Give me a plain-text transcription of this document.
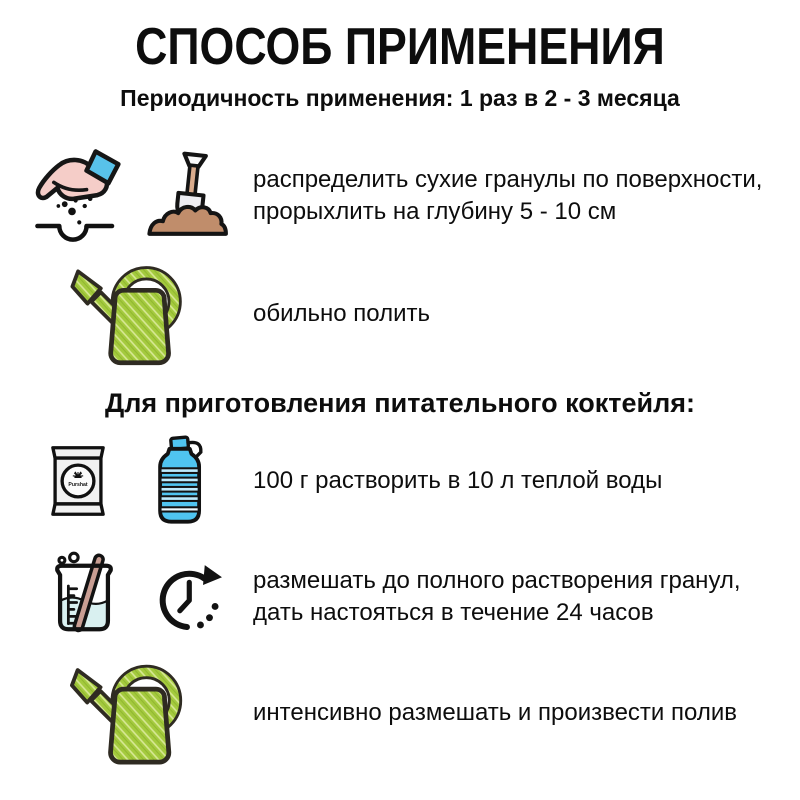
СПОСОБ ПРИМЕНЕНИЯ
Периодичность применения: 1 раз в 2 - 3 месяца
распределить сухие гранулы по поверхности, прорыхлить на глубину 5 - 10 см
обильно полить
Для приготовления питательного коктейля:
Purshat	100 г растворить в 10 л теплой воды
размешать до полного растворения гранул, дать настояться в течение 24 часов
интенсивно размешать и произвести полив
